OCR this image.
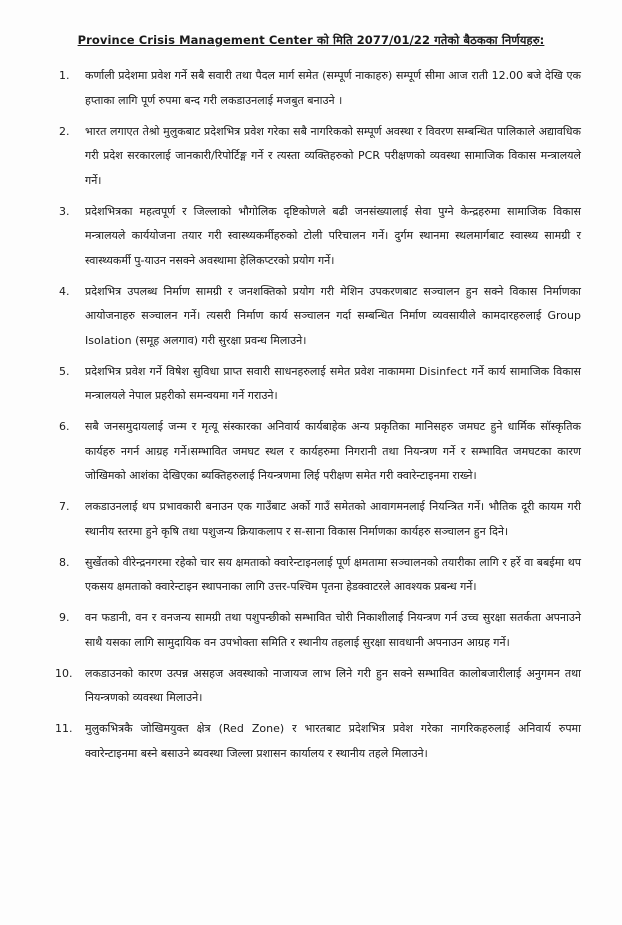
Province Crisis Management Center को मिति 2077/01/22 गतेको बैठकका निर्णयहरु:
1.	कर्णाली प्रदेशमा प्रवेश गर्ने सबै सवारी तथा पैदल मार्ग समेत (सम्पूर्ण नाकाहरु) सम्पूर्ण सीमा आज राती 12.00 बजे देखि एक हप्ताका लागि पूर्ण रुपमा बन्द गरी लकडाउनलाई मजबुत बनाउने ।
2.	भारत लगाएत तेश्रो मुलुकबाट प्रदेशभित्र प्रवेश गरेका सबै नागरिकको सम्पूर्ण अवस्था र विवरण सम्बन्धित पालिकाले अद्यावधिक गरी प्रदेश सरकारलाई जानकारी/रिपोर्टिङ्ग गर्ने र त्यस्ता व्यक्तिहरुको PCR परीक्षणको व्यवस्था सामाजिक विकास मन्त्रालयले गर्ने।
3.	प्रदेशभित्रका महत्वपूर्ण र जिल्लाको भौगोलिक दृष्टिकोणले बढी जनसंख्यालाई सेवा पुग्ने केन्द्रहरुमा सामाजिक विकास मन्त्रालयले कार्ययोजना तयार गरी स्वास्थ्यकर्मीहरुको टोली परिचालन गर्ने। दुर्गम स्थानमा स्थलमार्गबाट स्वास्थ्य सामग्री र स्वास्थ्यकर्मी पु-याउन नसक्ने अवस्थामा हेलिकप्टरको प्रयोग गर्ने।
4.	प्रदेशभित्र उपलब्ध निर्माण सामग्री र जनशक्तिको प्रयोग गरी मेशिन उपकरणबाट सञ्चालन हुन सक्ने विकास निर्माणका आयोजनाहरु सञ्चालन गर्ने। त्यसरी निर्माण कार्य सञ्चालन गर्दा सम्बन्धित निर्माण व्यवसायीले कामदारहरुलाई Group Isolation (समूह अलगाव) गरी सुरक्षा प्रवन्ध मिलाउने।
5.	प्रदेशभित्र प्रवेश गर्ने विषेश सुविधा प्राप्त सवारी साधनहरुलाई समेत प्रवेश नाकाममा Disinfect गर्ने कार्य सामाजिक विकास मन्त्रालयले नेपाल प्रहरीको समन्वयमा गर्ने गराउने।
6.	सबै जनसमुदायलाई जन्म र मृत्यू संस्कारका अनिवार्य कार्यबाहेक अन्य प्रकृतिका मानिसहरु जमघट हुने धार्मिक सॉस्कृतिक कार्यहरु नगर्न आग्रह गर्ने।सम्भावित जमघट स्थल र कार्यहरुमा निगरानी तथा नियन्त्रण गर्ने र सम्भावित जमघटका कारण जोखिमको आशंका देखिएका ब्यक्तिहरुलाई नियन्त्रणमा लिई परीक्षण समेत गरी क्वारेन्टाइनमा राख्ने।
7.	लकडाउनलाई थप प्रभावकारी बनाउन एक गाउँबाट अर्को गाउँ समेतको आवागमनलाई नियन्त्रित गर्ने। भौतिक दूरी कायम गरी स्थानीय स्तरमा हुने कृषि तथा पशुजन्य क्रियाकलाप र स-साना विकास निर्माणका कार्यहरु सञ्चालन हुन दिने।
8.	सुर्खेतको वीरेन्द्रनगरमा रहेको चार सय क्षमताको क्वारेन्टाइनलाई पूर्ण क्षमतामा सञ्चालनको तयारीका लागि र हर्रे वा बबईमा थप एकसय क्षमताको क्वारेन्टाइन स्थापनाका लागि उत्तर-पश्चिम पृतना हेडक्वाटरले आवश्यक प्रबन्ध गर्ने।
9.	वन फडानी, वन र वनजन्य सामग्री तथा पशुपन्छीको सम्भावित चोरी निकाशीलाई नियन्त्रण गर्न उच्च सुरक्षा सतर्कता अपनाउने साथै यसका लागि सामुदायिक वन उपभोक्ता समिति र स्थानीय तहलाई सुरक्षा सावधानी अपनाउन आग्रह गर्ने।
10.	लकडाउनको कारण उत्पन्न असहज अवस्थाको नाजायज लाभ लिने गरी हुन सक्ने सम्भावित कालोबजारीलाई अनुगमन तथा नियन्त्रणको व्यवस्था मिलाउने।
11.	मुलुकभित्रकै जोखिमयुक्त क्षेत्र (Red Zone) र भारतबाट प्रदेशभित्र प्रवेश गरेका नागरिकहरुलाई अनिवार्य रुपमा क्वारेन्टाइनमा बस्ने बसाउने ब्यवस्था जिल्ला प्रशासन कार्यालय र स्थानीय तहले मिलाउने।
